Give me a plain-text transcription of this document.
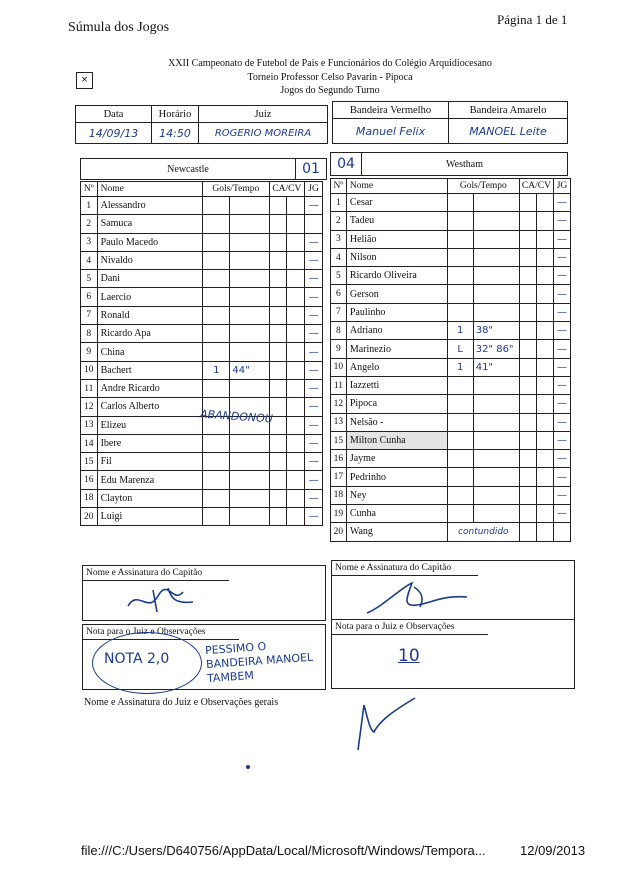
Súmula dos Jogos
Página 1 de 1
×
XXII Campeonato de Futebol de Pais e Funcionários do Colégio Arquidiocesano
Torneio Professor Celso Pavarin - Pipoca
Jogos do Segundo Turno
Data	Horário	Juiz
14/09/13	14:50	ROGERIO MOREIRA
Bandeira Vermelho	Bandeira Amarelo
Manuel Felix	MANOEL Leite
Newcastle	01 04	Westham
Nº	Nome	Gols/Tempo		CA/CV		JG
1	Alessandro					—
2	Samuca					
3	Paulo Macedo					—
4	Nivaldo					—
5	Dani					—
6	Laercio					—
7	Ronald					—
8	Ricardo Apa					—
9	China					—
10	Bachert	1	44"			—
11	Andre Ricardo					—
12	Carlos Alberto					—
13	Elizeu					—
14	Ibere					—
15	Fil					—
16	Edu Marenza					—
18	Clayton					—
20	Luigi					—
Nº	Nome	Gols/Tempo		CA/CV		JG
1	Cesar					—
2	Tadeu					—
3	Helião					—
4	Nilson					—
5	Ricardo Oliveira					—
6	Gerson					—
7	Paulinho					—
8	Adriano	1	38"			—
9	Marinezio	L	32" 86"			—
10	Angelo	1	41"			—
11	Iazzetti					—
12	Pipoca					—
13	Nelsão -					—
15	Milton Cunha					—
16	Jayme					—
17	Pedrinho					—
18	Ney					—
19	Cunha					—
20	Wang	contundido				
ABANDONOU
Nome e Assinatura do Capitão	Nome e Assinatura do Capitão
Nota para o Juiz e Observações
NOTA 2,0
PESSIMO O BANDEIRA MANOEL TAMBEM
Nota para o Juiz e Observações
10
Nome e Assinatura do Juiz e Observações gerais
file:///C:/Users/D640756/AppData/Local/Microsoft/Windows/Tempora...	12/09/2013
